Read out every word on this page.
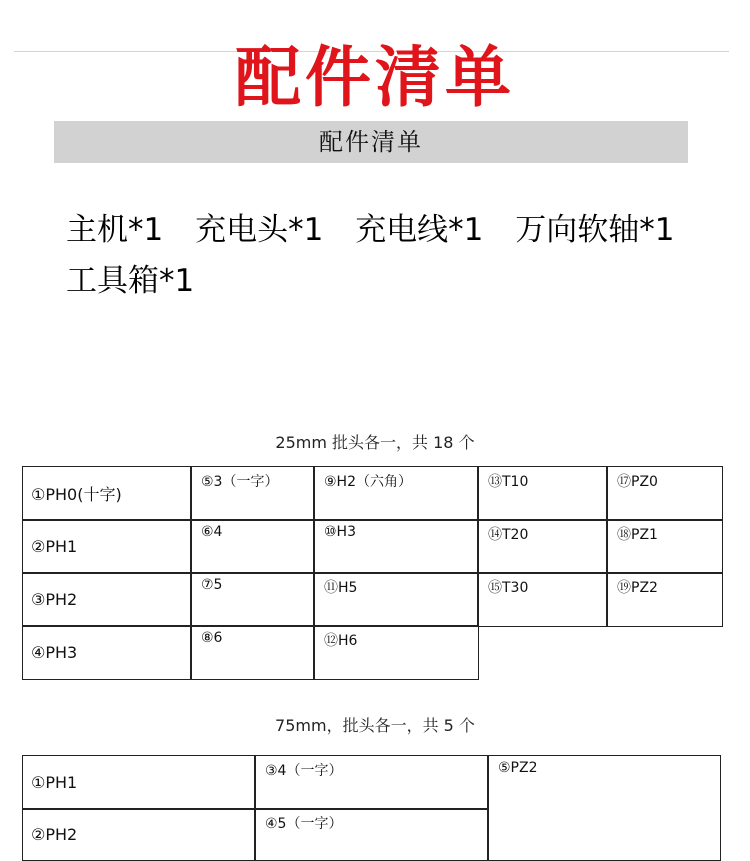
配件清单
配件清单
主机*1 充电头*1 充电线*1 万向软轴*1
工具箱*1
25mm 批头各一，共 18 个
①PH0(十字)
②PH1
③PH2
④PH3
⑤3（一字）
⑥4
⑦5
⑧6
⑨H2（六角）
⑩H3
⑪H5
⑫H6
⑬T10
⑭T20
⑮T30
⑰PZ0
⑱PZ1
⑲PZ2
75mm，批头各一，共 5 个
①PH1
②PH2
③4（一字）
④5（一字）
⑤PZ2
